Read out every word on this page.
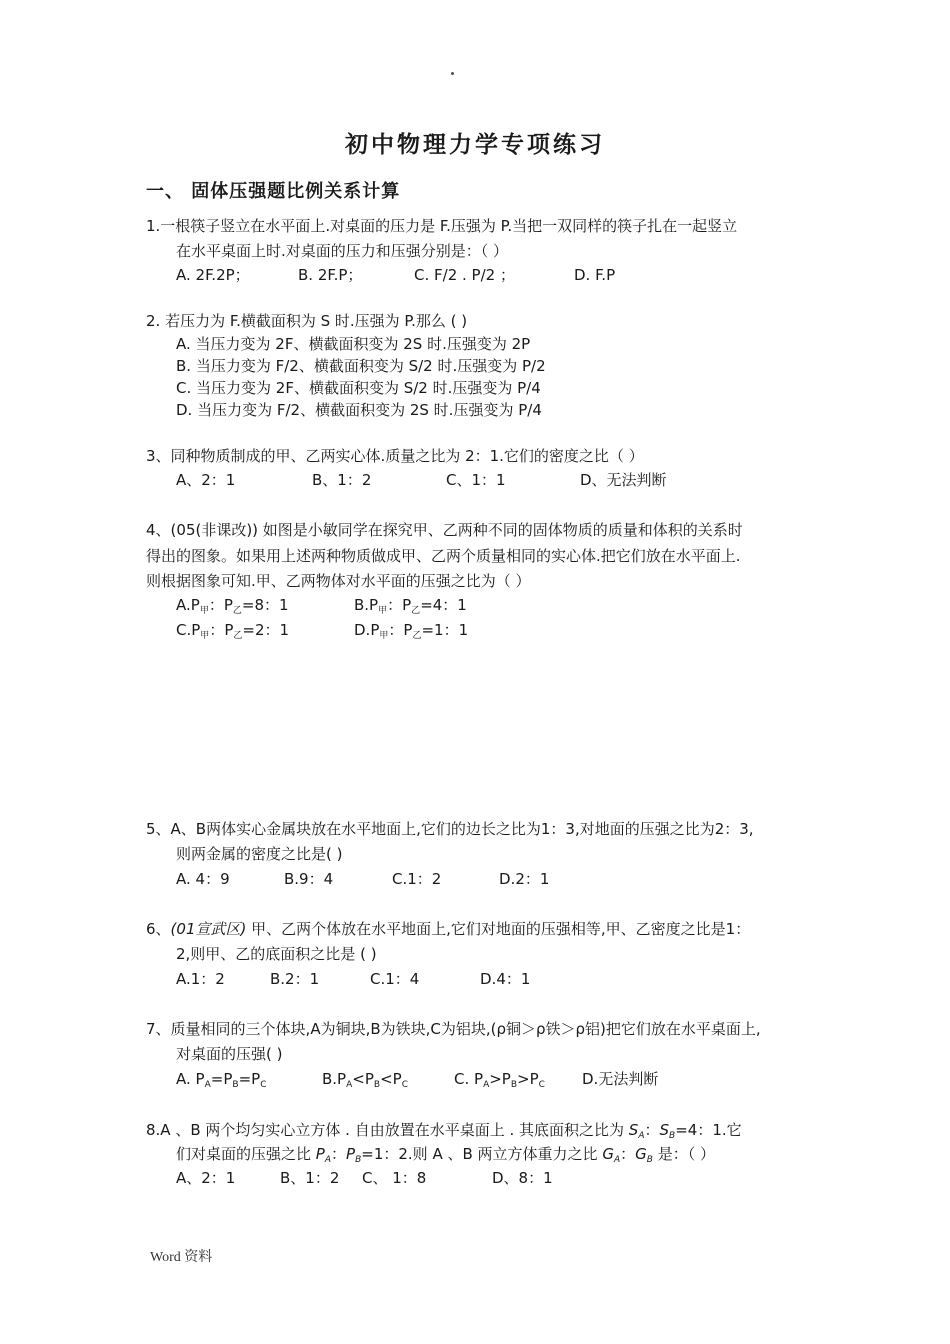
初中物理力学专项练习
一、 固体压强题比例关系计算
1.一根筷子竖立在水平面上.对桌面的压力是 F.压强为 P.当把一双同样的筷子扎在一起竖立
在水平桌面上时.对桌面的压力和压强分别是：（ ）
A. 2F.2P；	B. 2F.P；	C. F/2 . P/2 ；	D. F.P
2. 若压力为 F.横截面积为 S 时.压强为 P.那么 ( )
A. 当压力变为 2F、横截面积变为 2S 时.压强变为 2P
B. 当压力变为 F/2、横截面积变为 S/2 时.压强变为 P/2
C. 当压力变为 2F、横截面积变为 S/2 时.压强变为 P/4
D. 当压力变为 F/2、横截面积变为 2S 时.压强变为 P/4
3、同种物质制成的甲、乙两实心体.质量之比为 2：1.它们的密度之比（ ）
A、2：1	B、1：2	C、1：1	D、无法判断
4、(05(非课改)) 如图是小敏同学在探究甲、乙两种不同的固体物质的质量和体积的关系时
得出的图象。如果用上述两种物质做成甲、乙两个质量相同的实心体.把它们放在水平面上.
则根据图象可知.甲、乙两物体对水平面的压强之比为（ ）
$A.P_甲$：$P_乙=8$：1	$B.P_甲$：$P_乙=4$：1
$C.P_甲$：$P_乙=2$：1	$D.P_甲$：$P_乙=1$：1
5、A、B两体实心金属块放在水平地面上,它们的边长之比为1：3,对地面的压强之比为2：3,
则两金属的密度之比是( )
A. 4：9	B.9：4	C.1：2	D.2：1
6、(01宣武区) 甲、乙两个体放在水平地面上,它们对地面的压强相等,甲、乙密度之比是1：
2,则甲、乙的底面积之比是 ( )
A.1：2	B.2：1	C.1：4	D.4：1
7、质量相同的三个体块,A为铜块,B为铁块,C为铝块,(ρ铜＞ρ铁＞ρ铝)把它们放在水平桌面上,
对桌面的压强( )
A. $P_A=P_B=P_C$	$B.P_A<P_B<P_C$	C. $P_A>P_B>P_C$ D.无法判断
8.A 、B 两个均匀实心立方体 . 自由放置在水平桌面上 . 其底面积之比为 $S_A$：$S_B=4$：1.它
们对桌面的压强之比 $P_A$：$P_B=1$：2.则 A 、B 两立方体重力之比 $G_A$：$G_B$ 是：（ ）
A、2：1	B、1：2 C、 1：8	D、8：1
Word 资料
